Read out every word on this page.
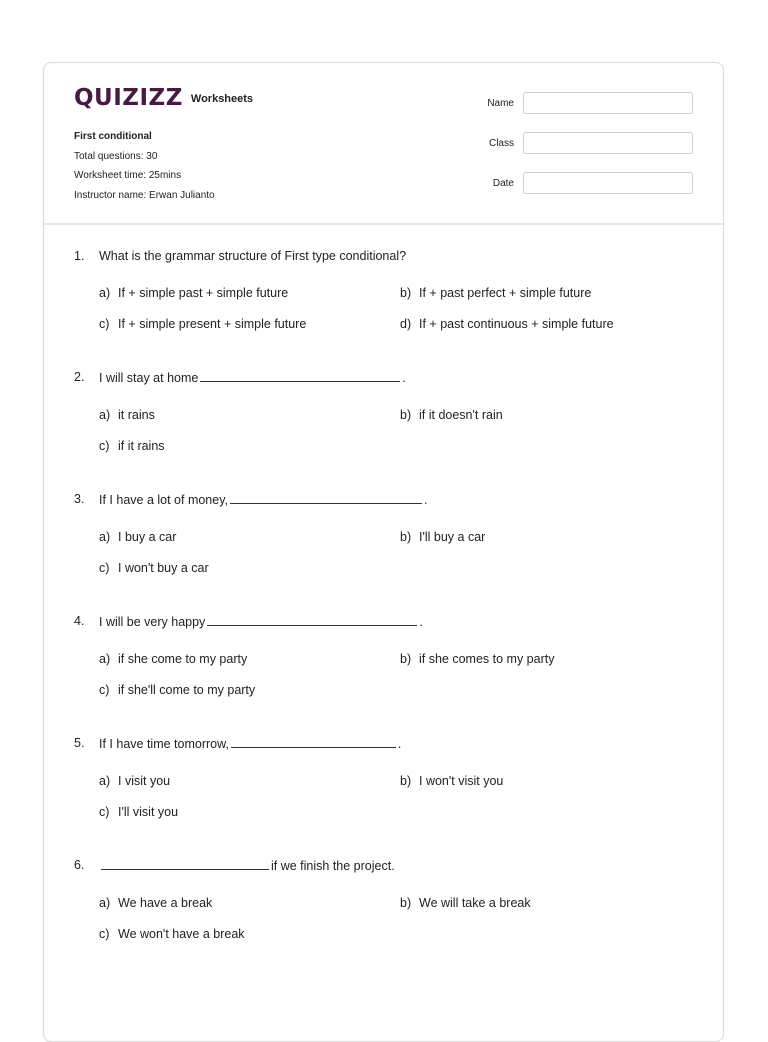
QUIZIZZ Worksheets
First conditional
Total questions: 30
Worksheet time: 25mins
Instructor name: Erwan Julianto
Name
Class
Date
1.	What is the grammar structure of First type conditional?
a) If + simple past + simple future	b) If + past perfect + simple future
c) If + simple present + simple future	d) If + past continuous + simple future
2.	I will stay at home	.
a) it rains	b) if it doesn't rain
c) if it rains
3.	If I have a lot of money,	.
a) I buy a car	b) I'll buy a car
c) I won't buy a car
4.	I will be very happy	.
a) if she come to my party	b) if she comes to my party
c) if she'll come to my party
5.	If I have time tomorrow,	.
a) I visit you	b) I won't visit you
c) I'll visit you
6.	if we finish the project.
a) We have a break	b) We will take a break
c) We won't have a break
